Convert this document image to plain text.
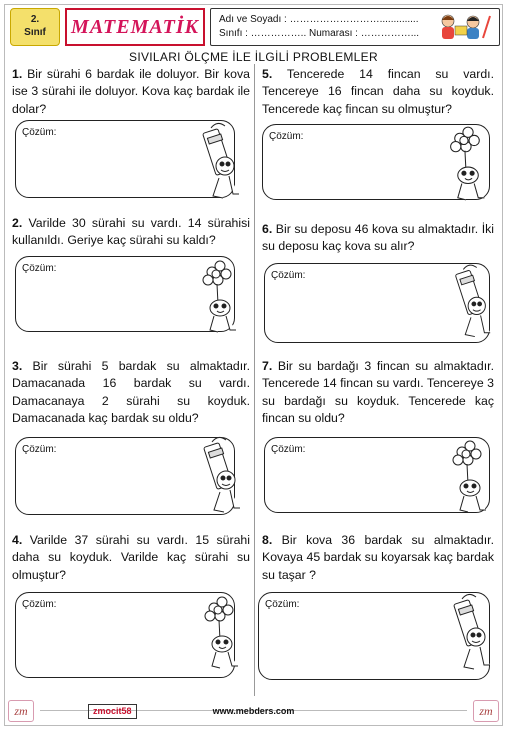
2.
Sınıf	MATEMATİK Adı ve Soyadı : ………………………..............
Sınıfı : …………….. Numarası : ……………...
SIVILARI ÖLÇME İLE İLGİLİ PROBLEMLER
1. Bir sürahi 6 bardak ile doluyor. Bir kova ise 3 sürahi ile doluyor. Kova kaç bardak ile dolar?
Çözüm:
2. Varilde 30 sürahi su vardı. 14 sürahisi kullanıldı. Geriye kaç sürahi su kaldı?
Çözüm:
3. Bir sürahi 5 bardak su almaktadır. Damacanada 16 bardak su vardı. Damacanaya 2 sürahi su koyduk. Damacanada kaç bardak su oldu?
Çözüm:
4. Varilde 37 sürahi su vardı. 15 sürahi daha su koyduk. Varilde kaç sürahi su olmuştur?
Çözüm:
5. Tencerede 14 fincan su vardı. Tencereye 16 fincan daha su koyduk. Tencerede kaç fincan su olmuştur?
Çözüm:
6. Bir su deposu 46 kova su almaktadır. İki su deposu kaç kova su alır?
Çözüm:
7. Bir su bardağı 3 fincan su almaktadır. Tencerede 14 fincan su vardı. Tencereye 3 su bardağı su koyduk. Tencerede kaç fincan su oldu?
Çözüm:
8. Bir kova 36 bardak su almaktadır. Kovaya 45 bardak su koyarsak kaç bardak su taşar ?
Çözüm:
zm	www.mebders.com
zmocit58	zm
